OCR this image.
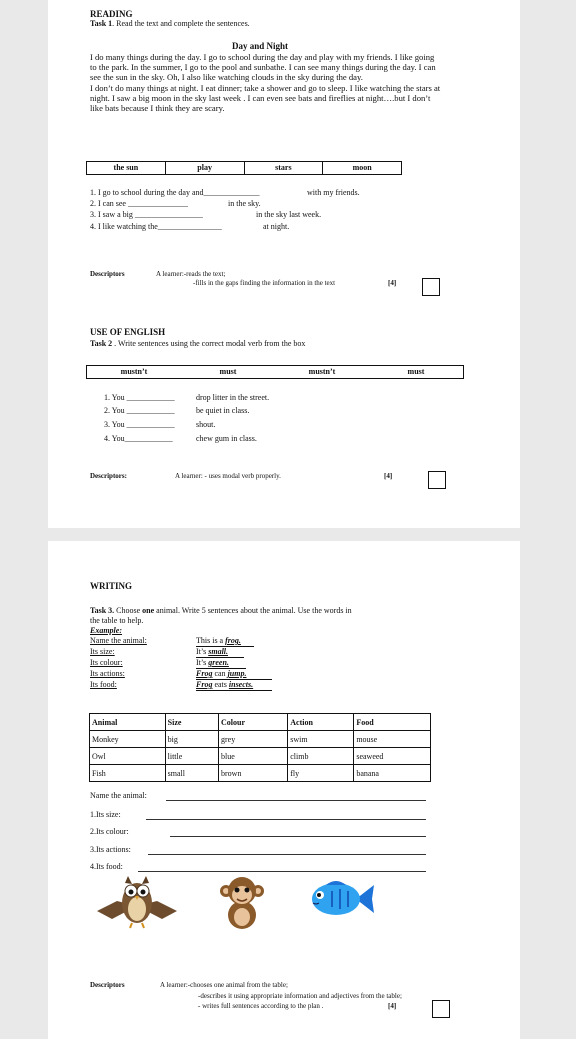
READING
Task 1. Read the text and complete the sentences.
Day and Night
I do many things during the day. I go to school during the day and play with my friends. I like going to the park. In the summer, I go to the pool and sunbathe. I can see many things during the day. I can see the sun in the sky. Oh, I also like watching clouds in the sky during the day.
I don’t do many things at night. I eat dinner; take a shower and go to sleep. I like watching the stars at night. I saw a big moon in the sky last week . I can even see bats and fireflies at night….but I don’t like bats because I think they are scary.
the sun	play	stars	moon
1. I go to school during the day and______________	with my friends.
2. I can see _______________	in the sky.
3. I saw a big _________________	in the sky last week.
4. I like watching the________________	at night.
Descriptors	A learner:-reads the text;
-fills in the gaps finding the information in the text	[4]
USE OF ENGLISH
Task 2 . Write sentences using the correct modal verb from the box
mustn’t	must	mustn’t	must
1. You ____________	drop litter in the street.
2. You ____________	be quiet in class.
3. You ____________	shout.
4. You____________	chew gum in class.
Descriptors:	A learner: - uses modal verb properly.	[4]
WRITING
Task 3. Choose one animal. Write 5 sentences about the animal. Use the words in
the table to help.
Example:
Name the animal:	This is a frog.
Its size:	It’s small.
Its colour:	It’s green.
Its actions:	Frog can jump.
Its food:	Frog eats insects.
Animal	Size	Colour	Action	Food
Monkey	big	grey	swim	mouse
Owl	little	blue	climb	seaweed
Fish	small	brown	fly	banana
Name the animal:
1.Its size:
2.Its colour:
3.Its actions:
4.Its food:
Descriptors	A learner:-chooses one animal from the table;
-describes it using appropriate information and adjectives from the table;
- writes full sentences according to the plan .	[4]
